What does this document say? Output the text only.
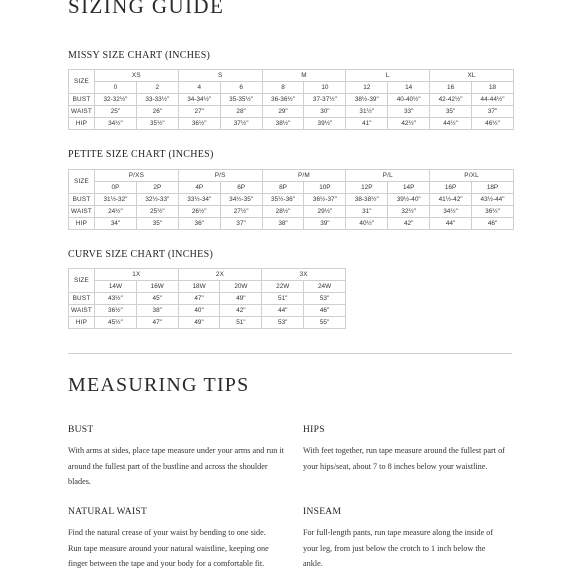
SIZING GUIDE
MISSY SIZE CHART (INCHES)
SIZE	XS		S		M		L		XL	
	0	2	4	6	8	10	12	14	16	18
BUST	32-32½"	33-33½"	34-34½"	35-35½"	36-36½"	37-37½"	38½-39"	40-40½"	42-42½"	44-44½"
WAIST	25"	26"	27"	28"	29"	30"	31½"	33"	35"	37"
HIP	34½"	35½"	36½"	37½"	38½"	39½"	41"	42½"	44½"	46½"
PETITE SIZE CHART (INCHES)
SIZE	P/XS		P/S		P/M		P/L		P/XL	
	0P	2P	4P	6P	8P	10P	12P	14P	16P	18P
BUST	31½-32"	32½-33"	33½-34"	34½-35"	35½-36"	36½-37"	38-38½"	39½-40"	41½-42"	43½-44"
WAIST	24½"	25½"	26½"	27½"	28½"	29½"	31"	32½"	34½"	36½"
HIP	34"	35"	36"	37"	38"	39"	40½"	42"	44"	46"
CURVE SIZE CHART (INCHES)
SIZE	1X		2X		3X	
	14W	16W	18W	20W	22W	24W
BUST	43½"	45"	47"	49"	51"	53"
WAIST	36½"	38"	40"	42"	44"	46"
HIP	45½"	47"	49"	51"	53"	55"
MEASURING TIPS
BUST
With arms at sides, place tape measure under your arms and run it around the fullest part of the bustline and across the shoulder blades.
HIPS
With feet together, run tape measure around the fullest part of your hips/seat, about 7 to 8 inches below your waistline.
NATURAL WAIST
Find the natural crease of your waist by bending to one side. Run tape measure around your natural waistline, keeping one finger between the tape and your body for a comfortable fit.
INSEAM
For full-length pants, run tape measure along the inside of your leg, from just below the crotch to 1 inch below the ankle.
